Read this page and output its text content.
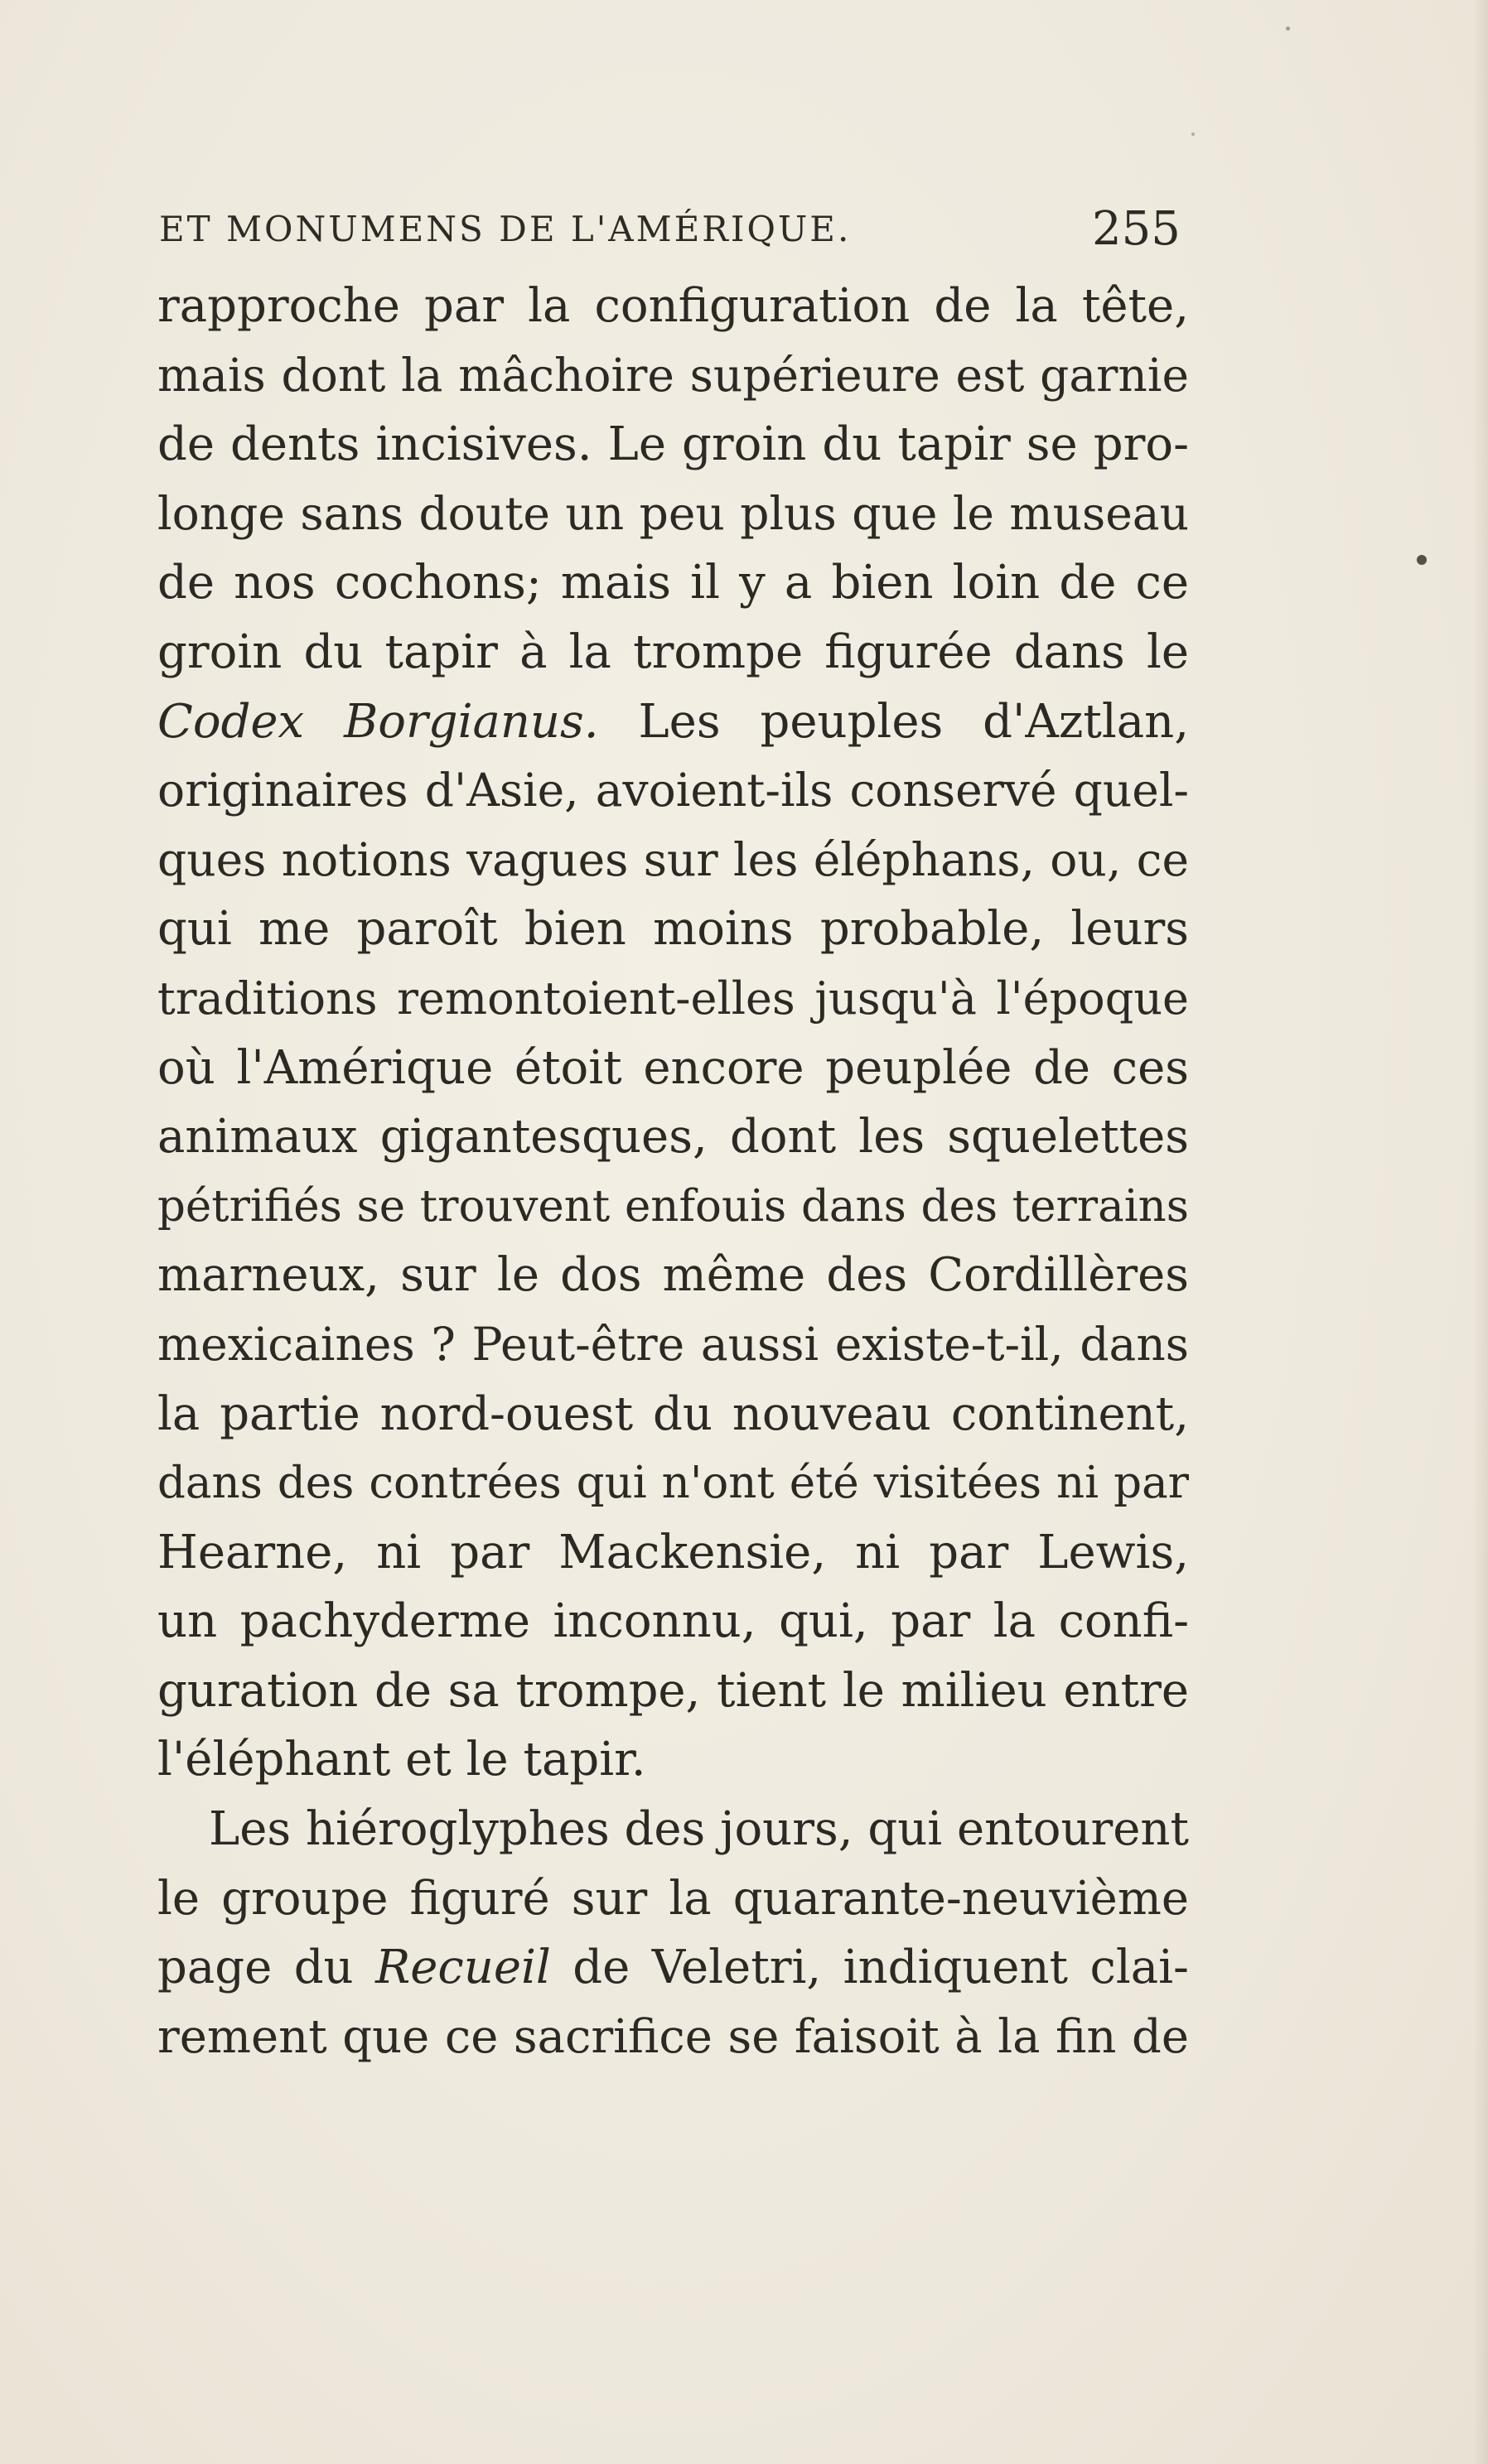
ET MONUMENS DE L'AMÉRIQUE.	255
rapproche par la configuration de la tête,
mais dont la mâchoire supérieure est garnie
de dents incisives. Le groin du tapir se pro-
longe sans doute un peu plus que le museau
de nos cochons; mais il y a bien loin de ce
groin du tapir à la trompe figurée dans le
Codex Borgianus. Les peuples d'Aztlan,
originaires d'Asie, avoient-ils conservé quel-
ques notions vagues sur les éléphans, ou, ce
qui me paroît bien moins probable, leurs
traditions remontoient-elles jusqu'à l'époque
où l'Amérique étoit encore peuplée de ces
animaux gigantesques, dont les squelettes
pétrifiés se trouvent enfouis dans des terrains
marneux, sur le dos même des Cordillères
mexicaines ? Peut-être aussi existe-t-il, dans
la partie nord-ouest du nouveau continent,
dans des contrées qui n'ont été visitées ni par
Hearne, ni par Mackensie, ni par Lewis,
un pachyderme inconnu, qui, par la confi-
guration de sa trompe, tient le milieu entre
l'éléphant et le tapir.
Les hiéroglyphes des jours, qui entourent
le groupe figuré sur la quarante-neuvième
page du Recueil de Veletri, indiquent clai-
rement que ce sacrifice se faisoit à la fin de
